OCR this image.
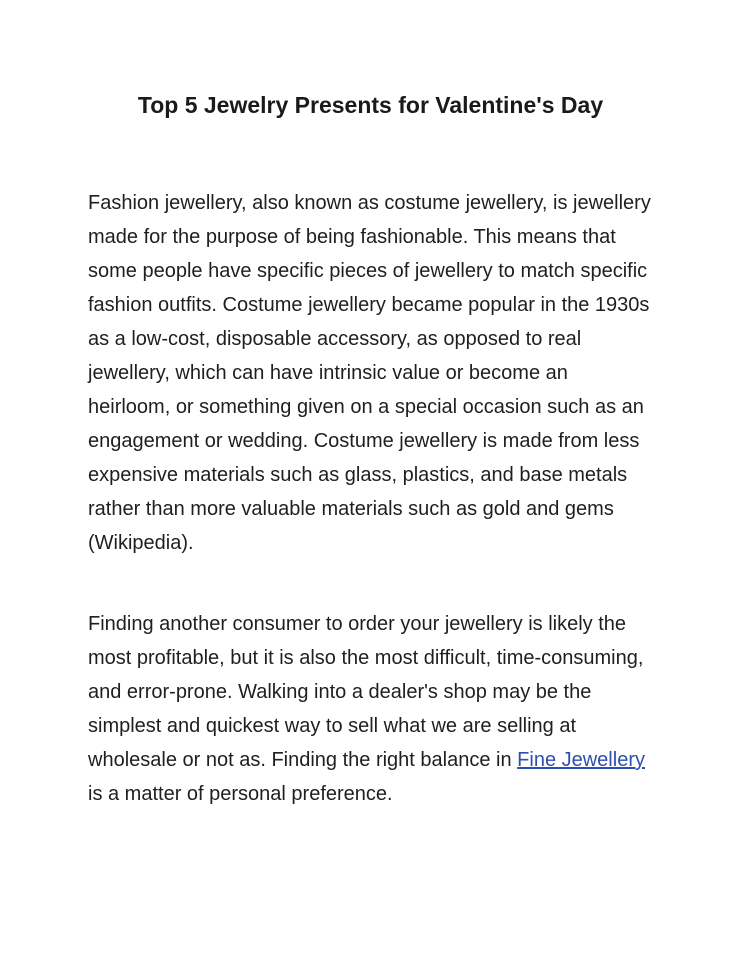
Top 5 Jewelry Presents for Valentine's Day

Fashion jewellery, also known as costume jewellery, is jewellery made for the purpose of being fashionable. This means that some people have specific pieces of jewellery to match specific fashion outfits. Costume jewellery became popular in the 1930s as a low-cost, disposable accessory, as opposed to real jewellery, which can have intrinsic value or become an heirloom, or something given on a special occasion such as an engagement or wedding. Costume jewellery is made from less expensive materials such as glass, plastics, and base metals rather than more valuable materials such as gold and gems (Wikipedia).

Finding another consumer to order your jewellery is likely the most profitable, but it is also the most difficult, time-consuming, and error-prone. Walking into a dealer's shop may be the simplest and quickest way to sell what we are selling at wholesale or not as. Finding the right balance in Fine Jewellery is a matter of personal preference.
